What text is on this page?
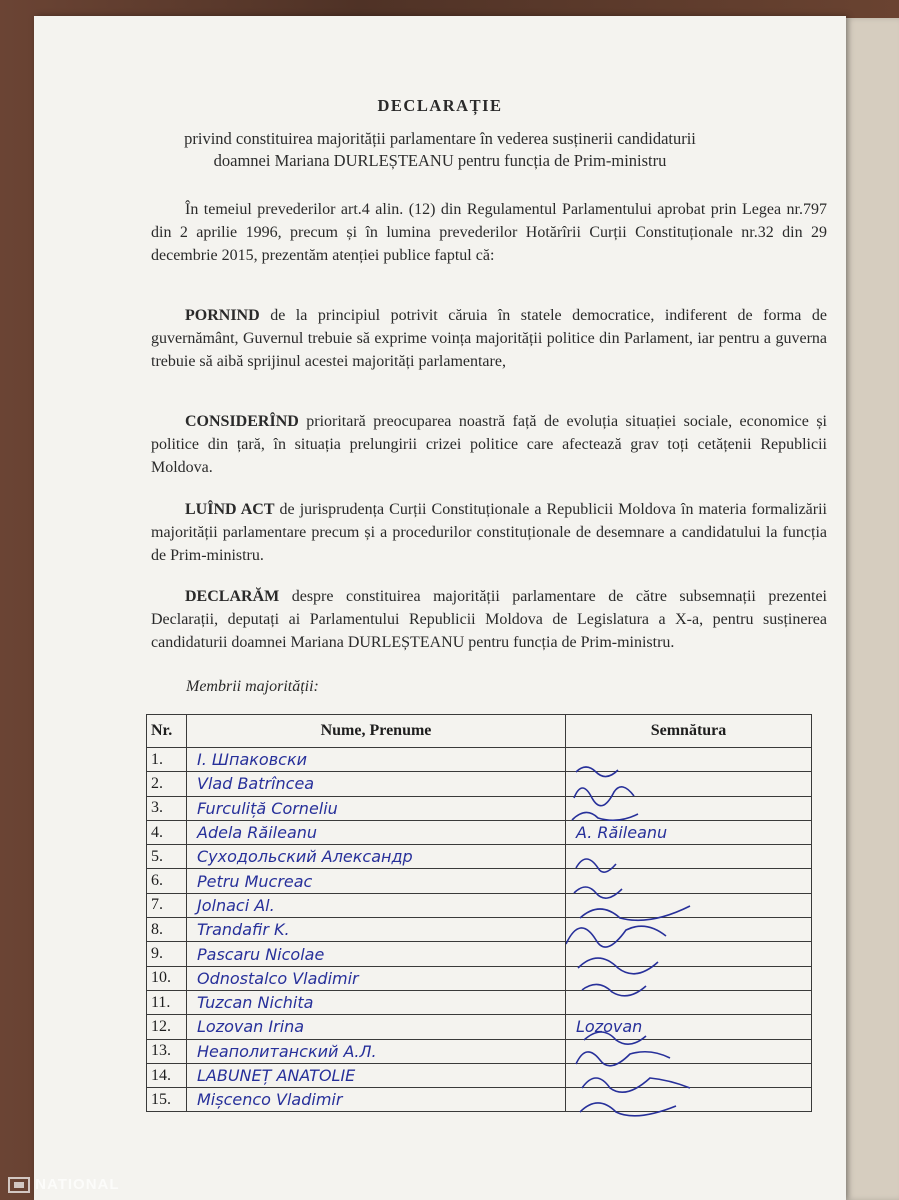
DECLARAȚIE
privind constituirea majorității parlamentare în vederea susținerii candidaturii
doamnei Mariana DURLEȘTEANU pentru funcția de Prim-ministru

În temeiul prevederilor art.4 alin. (12) din Regulamentul Parlamentului aprobat prin Legea nr.797 din 2 aprilie 1996, precum și în lumina prevederilor Hotărîrii Curții Constituționale nr.32 din 29 decembrie 2015, prezentăm atenției publice faptul că:

PORNIND de la principiul potrivit căruia în statele democratice, indiferent de forma de guvernământ, Guvernul trebuie să exprime voința majorității politice din Parlament, iar pentru a guverna trebuie să aibă sprijinul acestei majorități parlamentare,

CONSIDERÎND prioritară preocuparea noastră față de evoluția situației sociale, economice și politice din țară, în situația prelungirii crizei politice care afectează grav toți cetățenii Republicii Moldova.

LUÎND ACT de jurisprudența Curții Constituționale a Republicii Moldova în materia formalizării majorității parlamentare precum și a procedurilor constituționale de desemnare a candidatului la funcția de Prim-ministru.

DECLARĂM despre constituirea majorității parlamentare de către subsemnații prezentei Declarații, deputați ai Parlamentului Republicii Moldova de Legislatura a X-a, pentru susținerea candidaturii doamnei Mariana DURLEȘTEANU pentru funcția de Prim-ministru.

Membrii majorității:
Nr.	Nume, Prenume	Semnătura
1.	I. Шпаковски	
2.	Vlad Batrîncea	
3.	Furculiță Corneliu	
4.	Adela Răileanu	A. Răileanu
5.	Суходольский Александр	
6.	Petru Mucreac	
7.	Jolnaci Al.	
8.	Trandafir K.	
9.	Pascaru Nicolae	
10.	Odnostalco Vladimir	
11.	Tuzcan Nichita	
12.	Lozovan Irina	Lozovan
13.	Неаполитанский А.Л.	
14.	LABUNEȚ ANATOLIE	
15.	Mișcenco Vladimir	
NATIONAL
